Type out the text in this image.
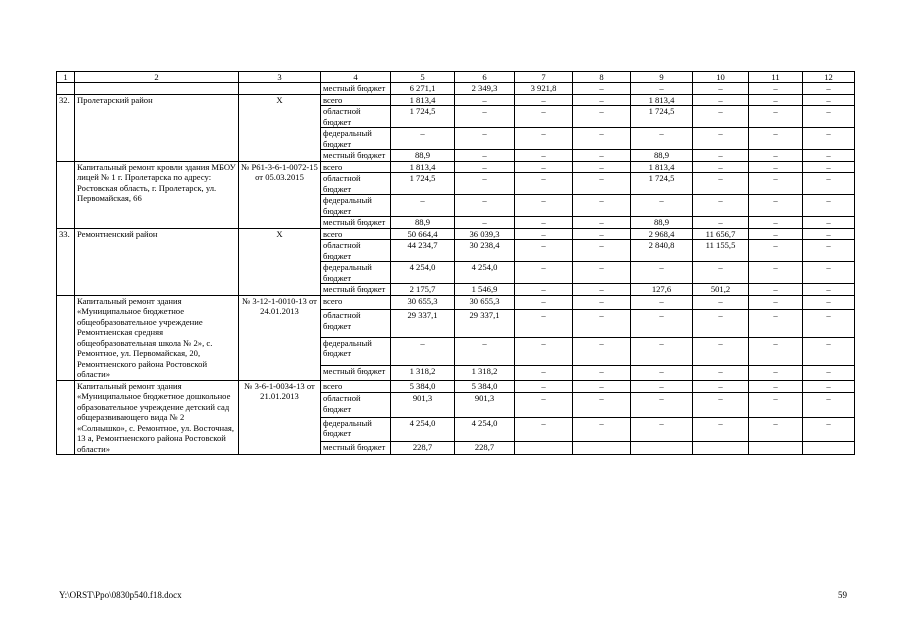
1	2	3	4	5	6	7	8	9	10	11	12
			местный бюджет	6 271,1	2 349,3	3 921,8	–	–	–	–	–
32.	Пролетарский район	Х	всего	1 813,4	–	–	–	1 813,4	–	–	–
			областной бюджет	1 724,5	–	–	–	1 724,5	–	–	–
			федеральный бюджет	–	–	–	–	–	–	–	–
			местный бюджет	88,9	–	–	–	88,9	–	–	–
	Капитальный ремонт кровли здания МБОУ лицей № 1 г. Пролетарска по адресу: Ростовская область, г. Пролетарск, ул. Первомайская, 66	№ Р61-3-6-1-0072-15 от 05.03.2015	всего	1 813,4	–	–	–	1 813,4	–	–	–
			областной бюджет	1 724,5	–	–	–	1 724,5	–	–	–
			федеральный бюджет	–	–	–	–	–	–	–	–
			местный бюджет	88,9	–	–	–	88,9	–	–	–
33.	Ремонтненский район	Х	всего	50 664,4	36 039,3	–	–	2 968,4	11 656,7	–	–
			областной бюджет	44 234,7	30 238,4	–	–	2 840,8	11 155,5	–	–
			федеральный бюджет	4 254,0	4 254,0	–	–	–	–	–	–
			местный бюджет	2 175,7	1 546,9	–	–	127,6	501,2	–	–
	Капитальный ремонт здания «Муниципальное бюджетное общеобразовательное учреждение Ремонтненская средняя общеобразовательная школа № 2», с. Ремонтное, ул. Первомайская, 20, Ремонтненского района Ростовской области»	№ 3-12-1-0010-13 от 24.01.2013	всего	30 655,3	30 655,3	–	–	–	–	–	–
			областной бюджет	29 337,1	29 337,1	–	–	–	–	–	–
			федеральный бюджет	–	–	–	–	–	–	–	–
			местный бюджет	1 318,2	1 318,2	–	–	–	–	–	–
	Капитальный ремонт здания «Муниципальное бюджетное дошкольное образовательное учреждение детский сад общеразвивающего вида № 2 «Солнышко», с. Ремонтное, ул. Восточная, 13 а, Ремонтненского района Ростовской области»	№ 3-6-1-0034-13 от 21.01.2013	всего	5 384,0	5 384,0	–	–	–	–	–	–
			областной бюджет	901,3	901,3	–	–	–	–	–	–
			федеральный бюджет	4 254,0	4 254,0	–	–	–	–	–	–
			местный бюджет	228,7	228,7						
Y:\ORST\Ppo\0830p540.f18.docx	59
